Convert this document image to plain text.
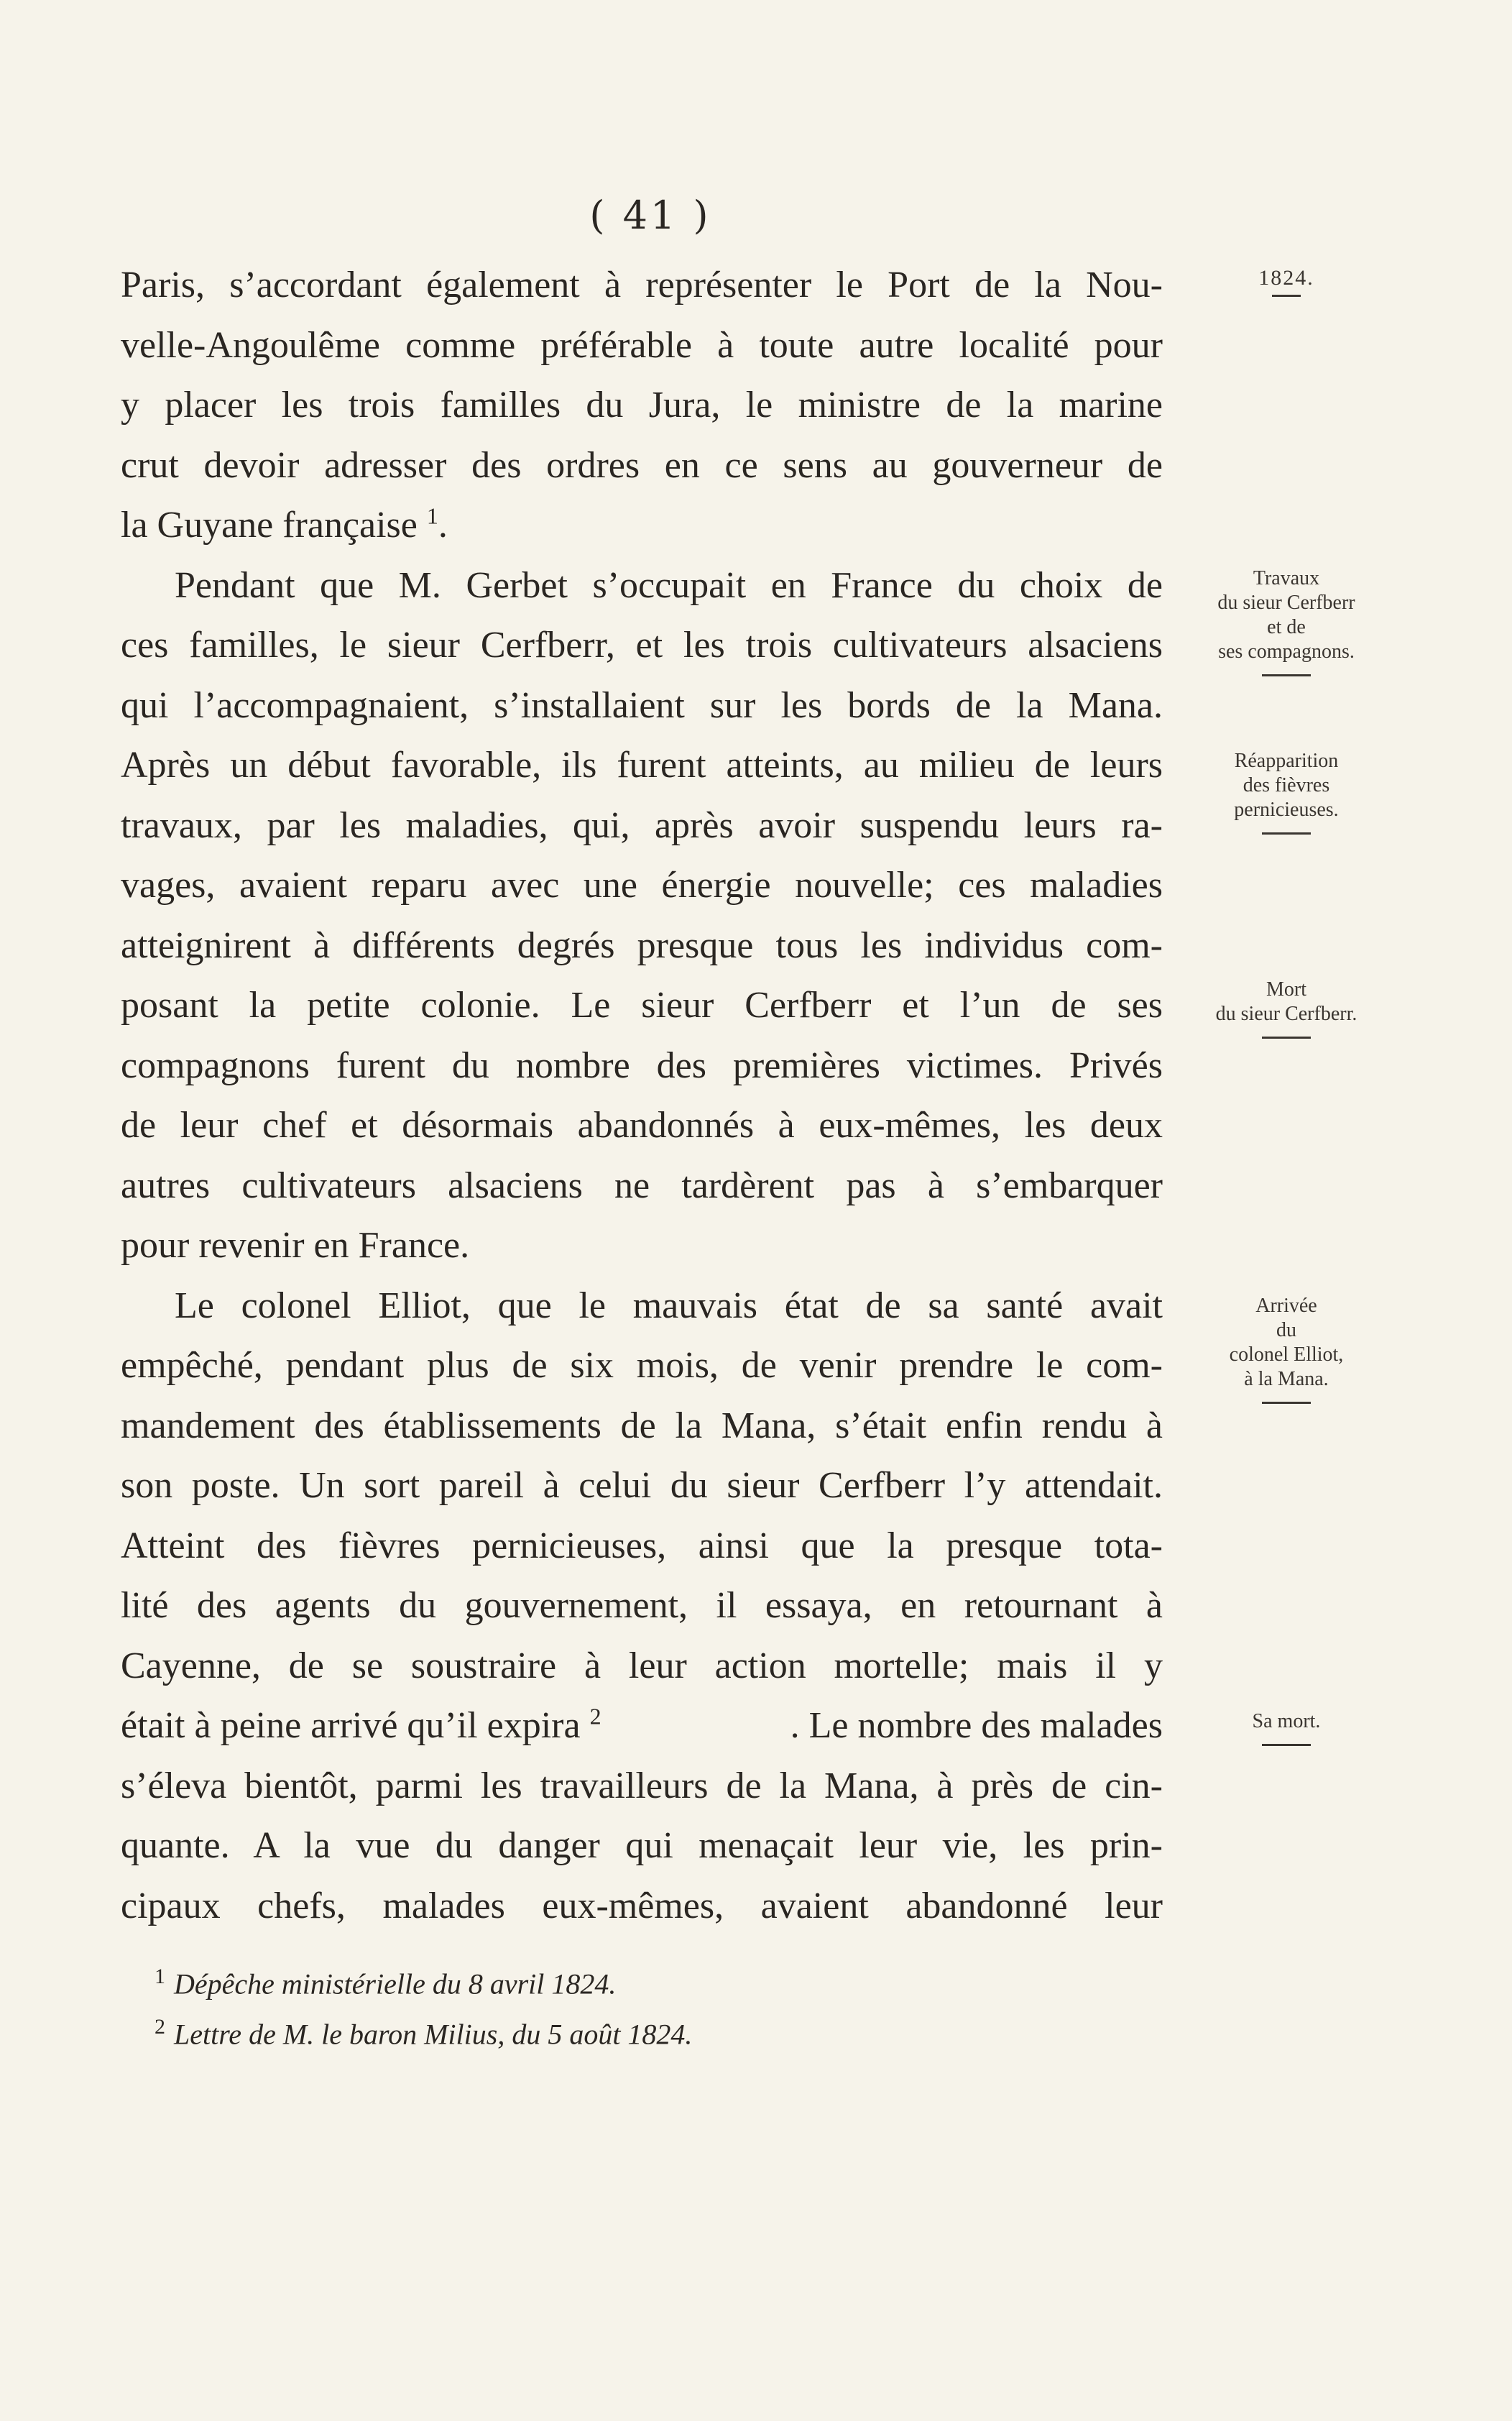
( 41 )
Paris, s’accordant également à représenter le Port de la Nou-
velle-Angoulême comme préférable à toute autre localité pour
y placer les trois familles du Jura, le ministre de la marine
crut devoir adresser des ordres en ce sens au gouverneur de
la Guyane française $^1$.
Pendant que M. Gerbet s’occupait en France du choix de
ces familles, le sieur Cerfberr, et les trois cultivateurs alsaciens
qui l’accompagnaient, s’installaient sur les bords de la Mana.
Après un début favorable, ils furent atteints, au milieu de leurs
travaux, par les maladies, qui, après avoir suspendu leurs ra-
vages, avaient reparu avec une énergie nouvelle; ces maladies
atteignirent à différents degrés presque tous les individus com-
posant la petite colonie. Le sieur Cerfberr et l’un de ses
compagnons furent du nombre des premières victimes. Privés
de leur chef et désormais abandonnés à eux-mêmes, les deux
autres cultivateurs alsaciens ne tardèrent pas à s’embarquer
pour revenir en France.
Le colonel Elliot, que le mauvais état de sa santé avait
empêché, pendant plus de six mois, de venir prendre le com-
mandement des établissements de la Mana, s’était enfin rendu à
son poste. Un sort pareil à celui du sieur Cerfberr l’y attendait.
Atteint des fièvres pernicieuses, ainsi que la presque tota-
lité des agents du gouvernement, il essaya, en retournant à
Cayenne, de se soustraire à leur action mortelle; mais il y
était à peine arrivé qu’il expira $^2$	. Le nombre des malades
s’éleva bientôt, parmi les travailleurs de la Mana, à près de cin-
quante. A la vue du danger qui menaçait leur vie, les prin-
cipaux chefs, malades eux-mêmes, avaient abandonné leur
1824.
Travaux
du sieur Cerfberr
et de
ses compagnons.
Réapparition
des fièvres
pernicieuses.
Mort
du sieur Cerfberr.
Arrivée
du
colonel Elliot,
à la Mana.
Sa mort.
$^1$ Dépêche ministérielle du 8 avril 1824.
$^2$ Lettre de M. le baron Milius, du 5 août 1824.
